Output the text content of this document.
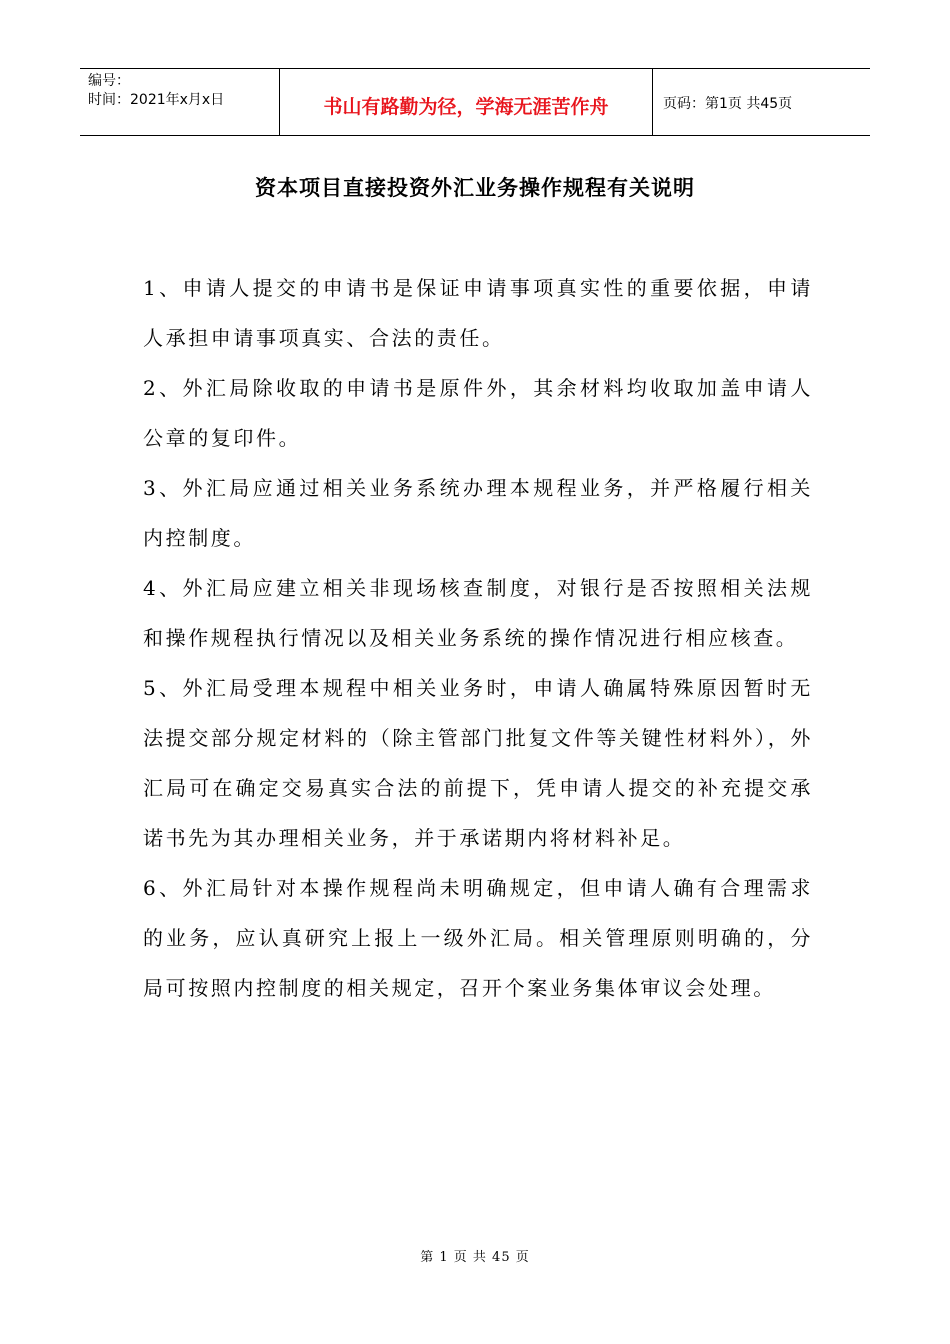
编号：
时间：2021年x月x日	书山有路勤为径，学海无涯苦作舟	页码：第1页 共45页
资本项目直接投资外汇业务操作规程有关说明

1、申请人提交的申请书是保证申请事项真实性的重要依据，申请人承担申请事项真实、合法的责任。

2、外汇局除收取的申请书是原件外，其余材料均收取加盖申请人公章的复印件。

3、外汇局应通过相关业务系统办理本规程业务，并严格履行相关内控制度。

4、外汇局应建立相关非现场核查制度，对银行是否按照相关法规和操作规程执行情况以及相关业务系统的操作情况进行相应核查。

5、外汇局受理本规程中相关业务时，申请人确属特殊原因暂时无法提交部分规定材料的（除主管部门批复文件等关键性材料外），外汇局可在确定交易真实合法的前提下，凭申请人提交的补充提交承诺书先为其办理相关业务，并于承诺期内将材料补足。

6、外汇局针对本操作规程尚未明确规定，但申请人确有合理需求的业务，应认真研究上报上一级外汇局。相关管理原则明确的，分局可按照内控制度的相关规定，召开个案业务集体审议会处理。

第 1 页 共 45 页
